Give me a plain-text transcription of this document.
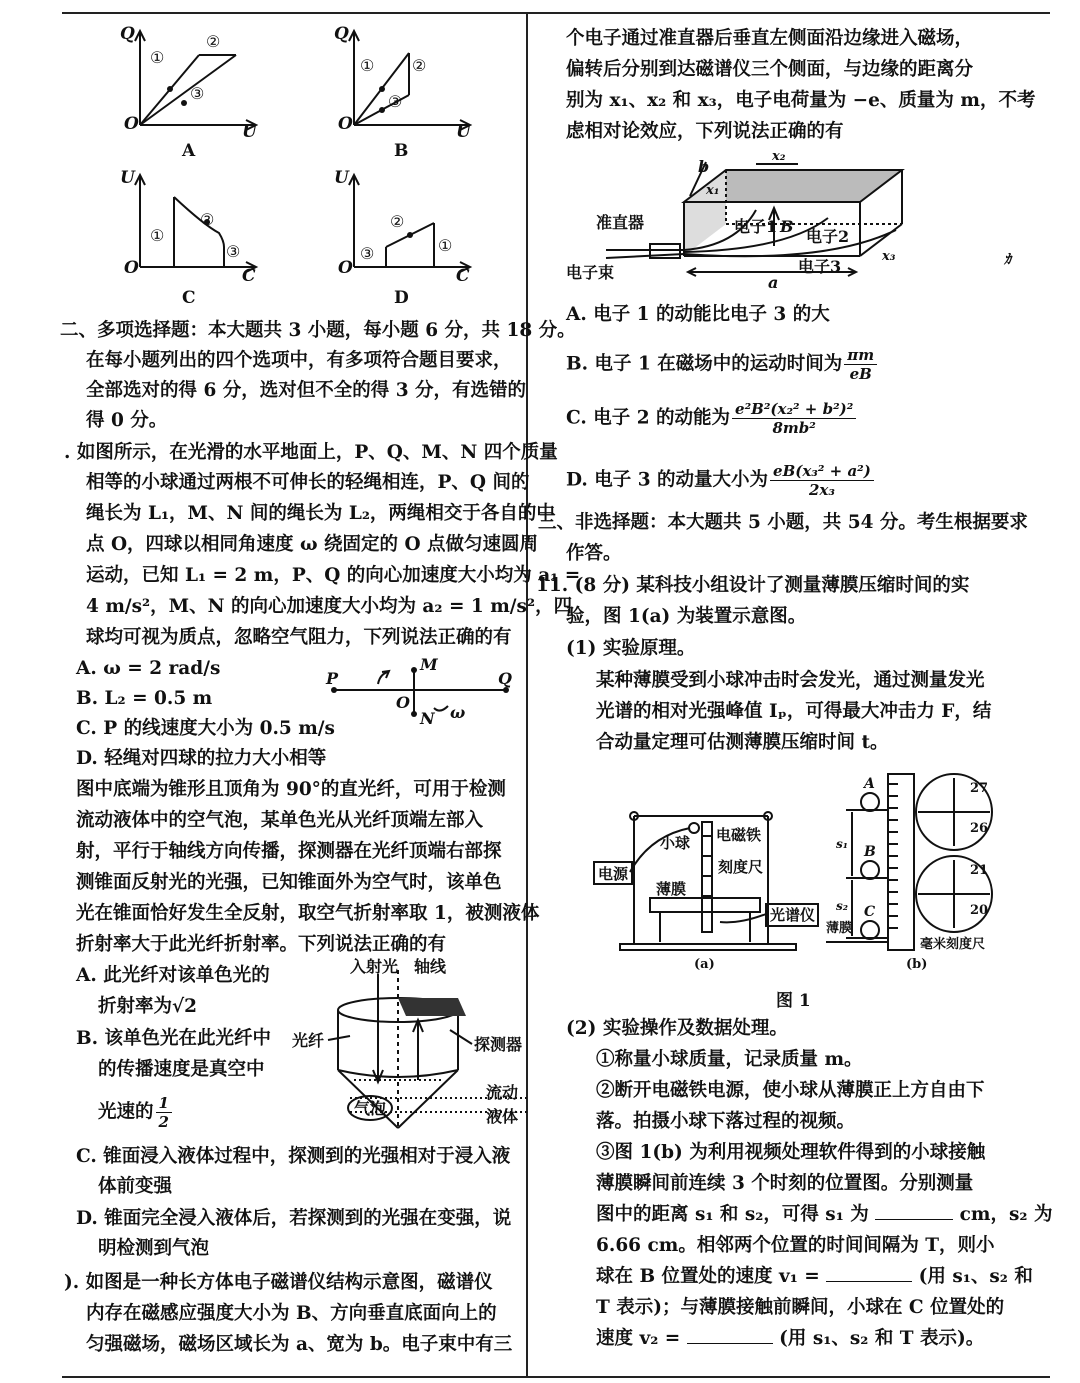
Q
U
O
Q
U
O
U
C
O
U
C
O
①
②
③
① ②
③
①
②
③	③
②
①
A	B
C	D
二、多项选择题：本大题共 3 小题，每小题 6 分，共 18 分。
在每小题列出的四个选项中，有多项符合题目要求，
全部选对的得 6 分，选对但不全的得 3 分，有选错的
得 0 分。
. 如图所示，在光滑的水平地面上，P、Q、M、N 四个质量
相等的小球通过两根不可伸长的轻绳相连，P、Q 间的
绳长为 L₁，M、N 间的绳长为 L₂，两绳相交于各自的中
点 O，四球以相同角速度 ω 绕固定的 O 点做匀速圆周
运动，已知 L₁ = 2 m，P、Q 的向心加速度大小均为 a₁ =
4 m/s²，M、N 的向心加速度大小均为 a₂ = 1 m/s²，四
球均可视为质点，忽略空气阻力，下列说法正确的有
A. ω = 2 rad/s
B. L₂ = 0.5 m
C. P 的线速度大小为 0.5 m/s
D. 轻绳对四球的拉力大小相等
P	Q
M
N
O
ω
图中底端为锥形且顶角为 90°的直光纤，可用于检测
流动液体中的空气泡，某单色光从光纤顶端左部入
射，平行于轴线方向传播，探测器在光纤顶端右部探
测锥面反射光的光强，已知锥面外为空气时，该单色
光在锥面恰好发生全反射，取空气折射率取 1，被测液体
折射率大于此光纤折射率。下列说法正确的有
A. 此光纤对该单色光的
折射率为√2
B. 该单色光在此光纤中
的传播速度是真空中
光速的 $\frac{1}{2}$
C. 锥面浸入液体过程中，探测到的光强相对于浸入液
体前变强
D. 锥面完全浸入液体后，若探测到的光强在变强，说
明检测到气泡
入射光 轴线
光纤	探测器
气泡
流动
液体
). 如图是一种长方体电子磁谱仪结构示意图，磁谱仪
内存在磁感应强度大小为 B、方向垂直底面向上的
匀强磁场，磁场区域长为 a、宽为 b。电子束中有三
个电子通过准直器后垂直左侧面沿边缘进入磁场，
偏转后分别到达磁谱仪三个侧面，与边缘的距离分
别为 x₁、x₂ 和 x₃，电子电荷量为 −e、质量为 m，不考
虑相对论效应，下列说法正确的有
准直器
电子束
电子1
电子2
电子3
B
a
b
x₁
x₂
x₃	ｶ
A. 电子 1 的动能比电子 3 的大
B. 电子 1 在磁场中的运动时间为 $\frac{\pi m}{eB}$
C. 电子 2 的动能为 $\frac{\text{e²B²(x₂² + b²)²}}{\text{8mb²}}$
D. 电子 3 的动量大小为 $\frac{\text{eB(x₃² + a²)}}{\text{2x₃}}$
三、非选择题：本大题共 5 小题，共 54 分。考生根据要求
作答。
11. (8 分) 某科技小组设计了测量薄膜压缩时间的实
验，图 1(a) 为装置示意图。
(1) 实验原理。
某种薄膜受到小球冲击时会发光，通过测量发光
光谱的相对光强峰值 Iₚ，可得最大冲击力 F，结
合动量定理可估测薄膜压缩时间 t。
电源
小球 电磁铁
刻度尺
薄膜
光谱仪
(a)
A
B
C
s₁
s₂
薄膜
毫米刻度尺
27
26
21
20
(b)
图 1
(2) 实验操作及数据处理。
①称量小球质量，记录质量 m。
②断开电磁铁电源，使小球从薄膜正上方自由下
落。拍摄小球下落过程的视频。
③图 1(b) 为利用视频处理软件得到的小球接触
薄膜瞬间前连续 3 个时刻的位置图。分别测量
图中的距离 s₁ 和 s₂，可得 s₁ 为	cm，s₂ 为
6.66 cm。相邻两个位置的时间间隔为 T，则小
球在 B 位置处的速度 v₁ =	(用 s₁、s₂ 和
T 表示)；与薄膜接触前瞬间，小球在 C 位置处的
速度 v₂ =	(用 s₁、s₂ 和 T 表示)。
